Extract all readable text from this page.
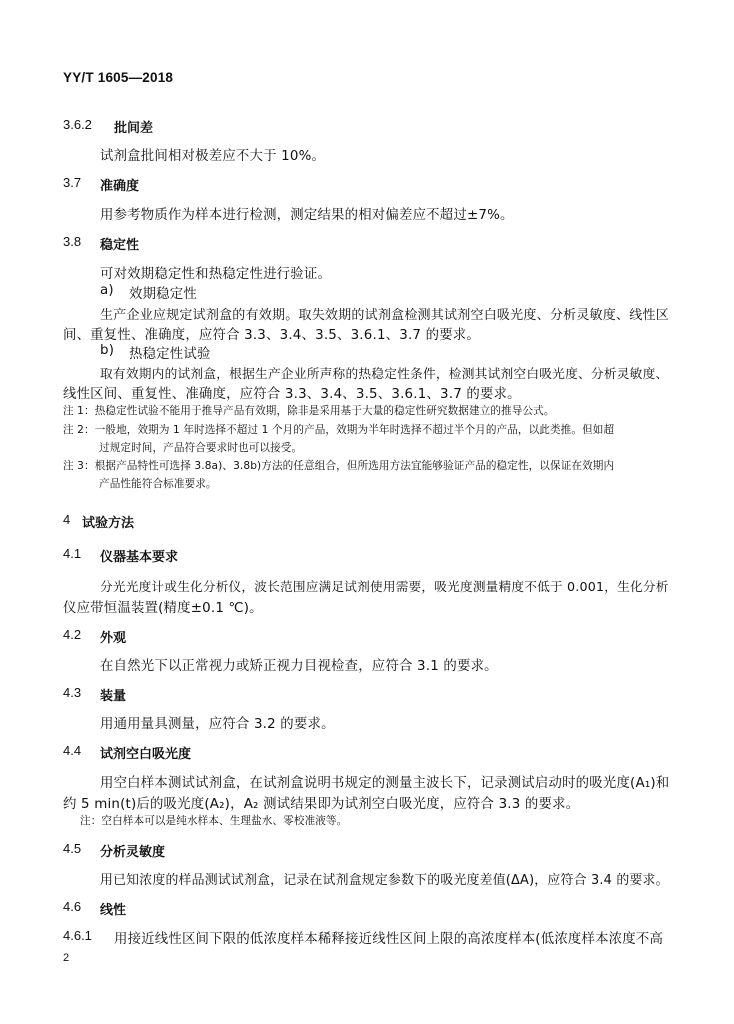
YY/T 1605—2018
3.6.2 批间差
试剂盒批间相对极差应不大于 10%。
3.7 准确度
用参考物质作为样本进行检测，测定结果的相对偏差应不超过±7%。
3.8 稳定性
可对效期稳定性和热稳定性进行验证。
a) 效期稳定性
生产企业应规定试剂盒的有效期。取失效期的试剂盒检测其试剂空白吸光度、分析灵敏度、线性区
间、重复性、准确度，应符合 3.3、3.4、3.5、3.6.1、3.7 的要求。
b) 热稳定性试验
取有效期内的试剂盒，根据生产企业所声称的热稳定性条件，检测其试剂空白吸光度、分析灵敏度、
线性区间、重复性、准确度，应符合 3.3、3.4、3.5、3.6.1、3.7 的要求。
注 1：热稳定性试验不能用于推导产品有效期，除非是采用基于大量的稳定性研究数据建立的推导公式。
注 2：一般地，效期为 1 年时选择不超过 1 个月的产品，效期为半年时选择不超过半个月的产品，以此类推。但如超
过规定时间，产品符合要求时也可以接受。
注 3：根据产品特性可选择 3.8a)、3.8b)方法的任意组合，但所选用方法宜能够验证产品的稳定性，以保证在效期内
产品性能符合标准要求。
4 试验方法
4.1 仪器基本要求
分光光度计或生化分析仪，波长范围应满足试剂使用需要，吸光度测量精度不低于 0.001，生化分析
仪应带恒温装置(精度±0.1 ℃)。
4.2 外观
在自然光下以正常视力或矫正视力目视检查，应符合 3.1 的要求。
4.3 装量
用通用量具测量，应符合 3.2 的要求。
4.4 试剂空白吸光度
用空白样本测试试剂盒，在试剂盒说明书规定的测量主波长下，记录测试启动时的吸光度(A₁)和
约 5 min(t)后的吸光度(A₂)，A₂ 测试结果即为试剂空白吸光度，应符合 3.3 的要求。
注：空白样本可以是纯水样本、生理盐水、零校准液等。
4.5 分析灵敏度
用已知浓度的样品测试试剂盒，记录在试剂盒规定参数下的吸光度差值(ΔA)，应符合 3.4 的要求。
4.6 线性
4.6.1 用接近线性区间下限的低浓度样本稀释接近线性区间上限的高浓度样本(低浓度样本浓度不高
2
